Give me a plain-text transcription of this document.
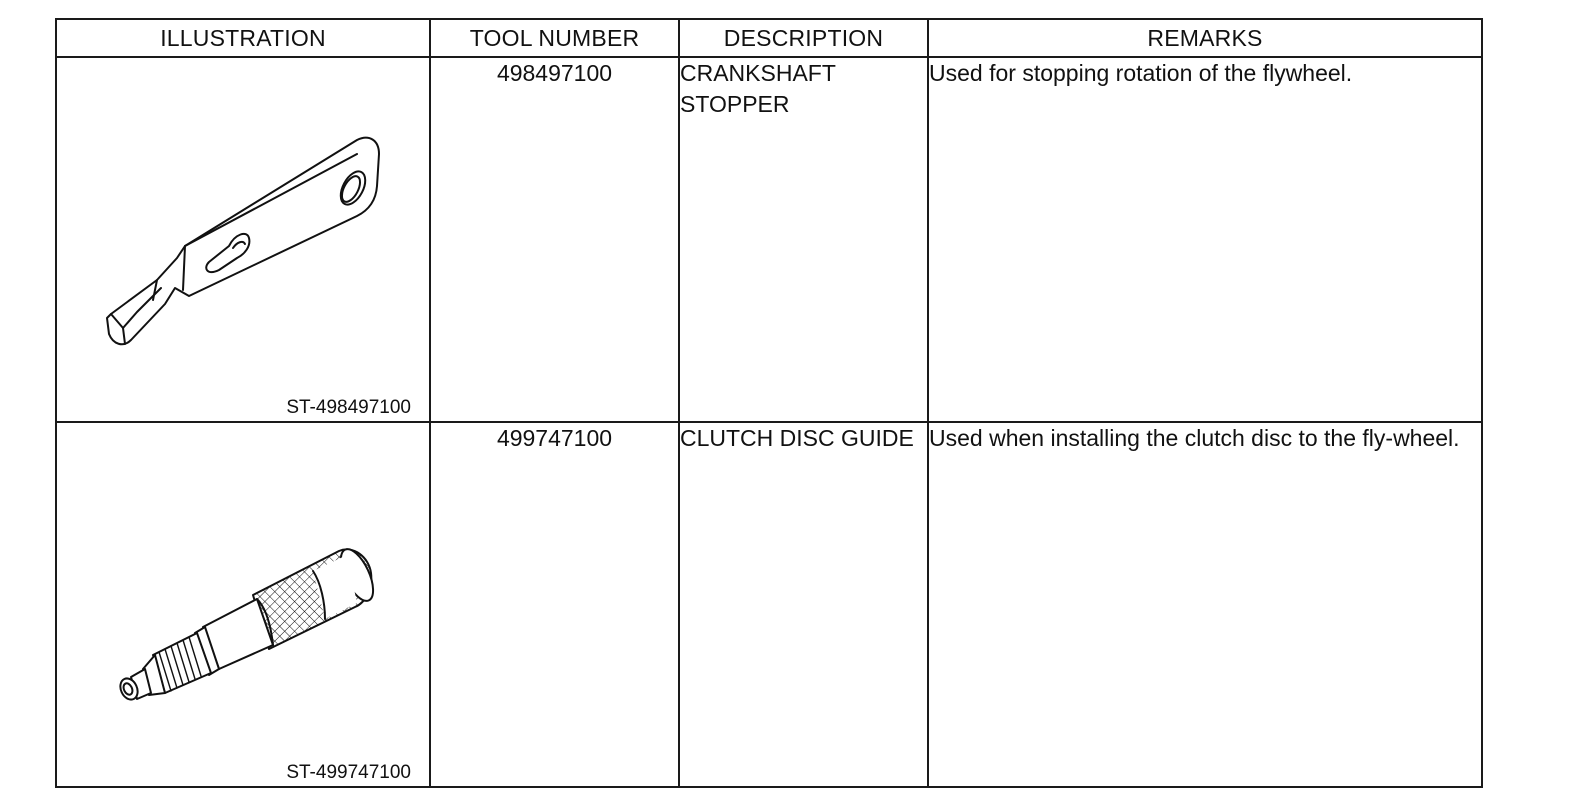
ILLUSTRATION	TOOL NUMBER	DESCRIPTION	REMARKS

ST-498497100	498497100	CRANKSHAFT STOPPER	Used for stopping rotation of the flywheel.

ST-499747100	499747100	CLUTCH DISC GUIDE	Used when installing the clutch disc to the fly-wheel.
